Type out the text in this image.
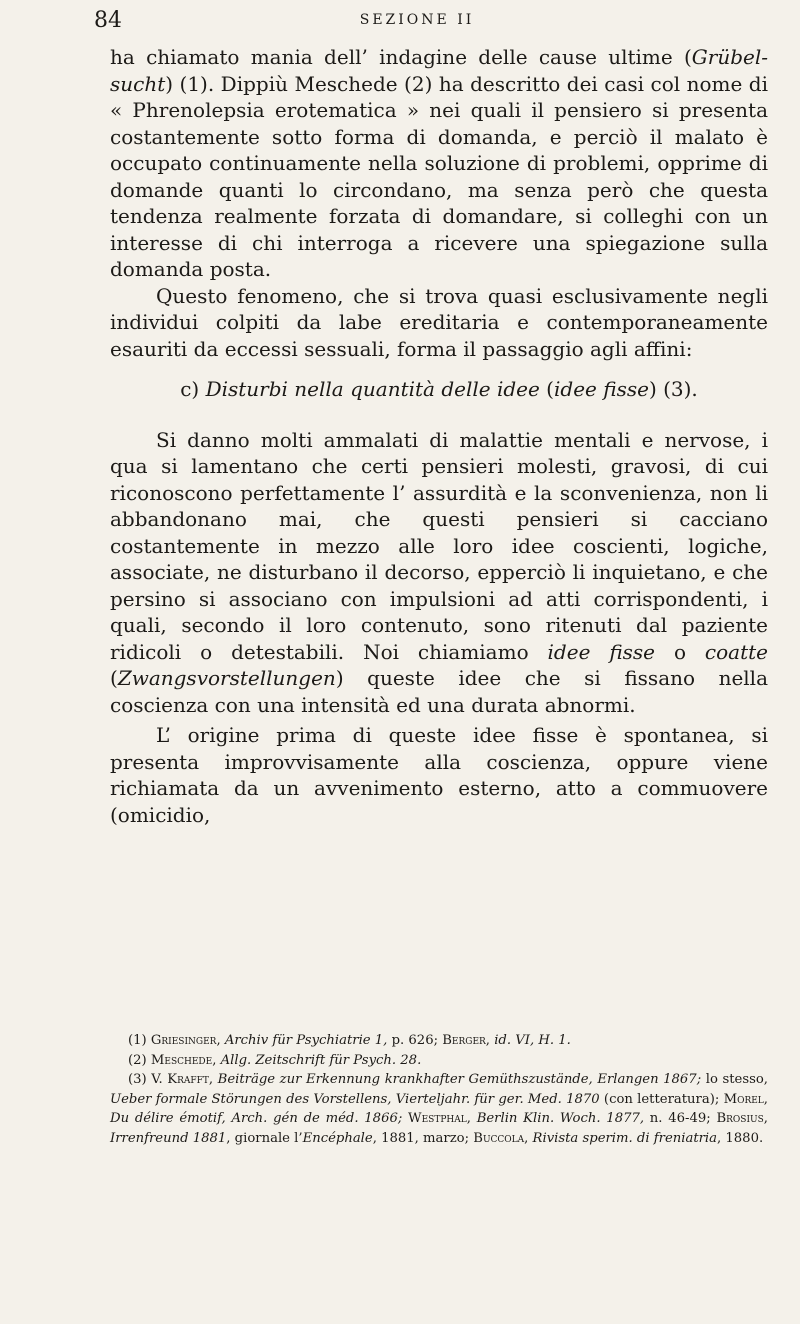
84	SEZIONE II

ha chiamato mania dell’ indagine delle cause ultime (Grübel-sucht) (1). Dippiù Meschede (2) ha descritto dei casi col nome di « Phrenolepsia erotematica » nei quali il pensiero si presenta costantemente sotto forma di domanda, e perciò il malato è occupato continuamente nella soluzione di problemi, opprime di domande quanti lo circondano, ma senza però che questa tendenza realmente forzata di domandare, si colleghi con un interesse di chi interroga a ricevere una spiegazione sulla domanda posta.

Questo fenomeno, che si trova quasi esclusivamente negli individui colpiti da labe ereditaria e contemporaneamente esauriti da eccessi sessuali, forma il passaggio agli affini:

c) Disturbi nella quantità delle idee (idee fisse) (3).

Si danno molti ammalati di malattie mentali e nervose, i qua si lamentano che certi pensieri molesti, gravosi, di cui riconoscono perfettamente l’ assurdità e la sconvenienza, non li abbandonano mai, che questi pensieri si cacciano costantemente in mezzo alle loro idee coscienti, logiche, associate, ne disturbano il decorso, epperciò li inquietano, e che persino si associano con impulsioni ad atti corrispondenti, i quali, secondo il loro contenuto, sono ritenuti dal paziente ridicoli o detestabili. Noi chiamiamo idee fisse o coatte (Zwangsvorstellungen) queste idee che si fissano nella coscienza con una intensità ed una durata abnormi.

L’ origine prima di queste idee fisse è spontanea, si presenta improvvisamente alla coscienza, oppure viene richiamata da un avvenimento esterno, atto a commuovere (omicidio,

(1) Griesinger, Archiv für Psychiatrie 1, p. 626; Berger, id. VI, H. 1.

(2) Meschede, Allg. Zeitschrift für Psych. 28.

(3) V. Krafft, Beiträge zur Erkennung krankhafter Gemüthszustände, Erlangen 1867; lo stesso, Ueber formale Störungen des Vorstellens, Vierteljahr. für ger. Med. 1870 (con letteratura); Morel, Du délire émotif, Arch. gén de méd. 1866; Westphal, Berlin Klin. Woch. 1877, n. 46-49; Brosius, Irrenfreund 1881, giornale l’Encéphale, 1881, marzo; Buccola, Rivista sperim. di freniatria, 1880.
